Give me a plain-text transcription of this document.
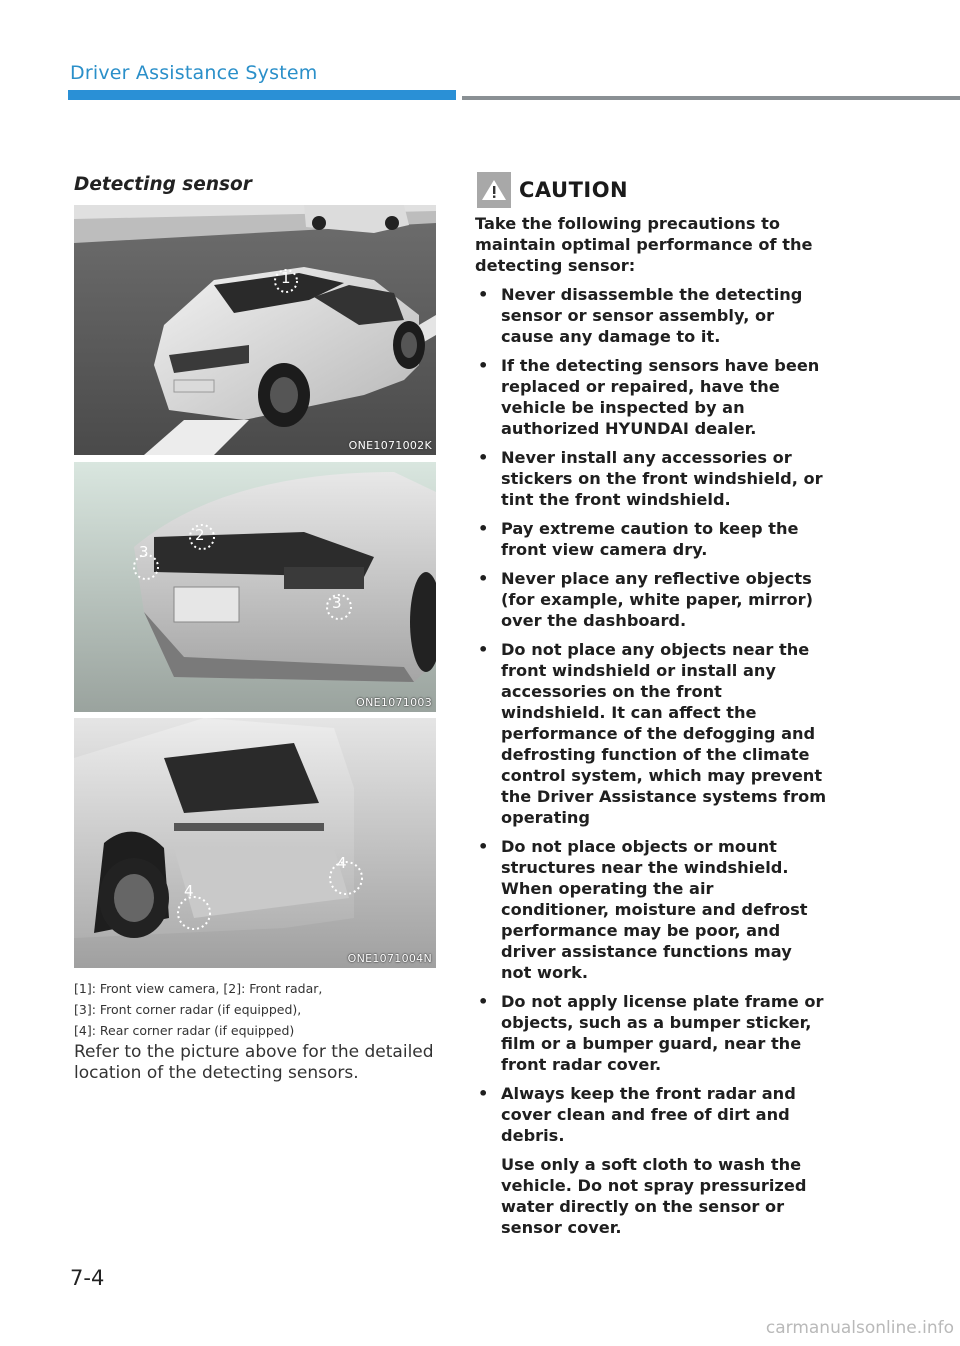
Driver Assistance System
Detecting sensor
1
ONE1071002K
2
3
3
ONE1071003
4
4
ONE1071004N
[1]: Front view camera, [2]: Front radar,
[3]: Front corner radar (if equipped),
[4]: Rear corner radar (if equipped)
Refer to the picture above for the detailed location of the detecting sensors.
CAUTION

Take the following precautions to maintain optimal performance of the detecting sensor:

• Never disassemble the detecting sensor or sensor assembly, or cause any damage to it.
• If the detecting sensors have been replaced or repaired, have the vehicle be inspected by an authorized HYUNDAI dealer.
• Never install any accessories or stickers on the front windshield, or tint the front windshield.
• Pay extreme caution to keep the front view camera dry.
• Never place any reflective objects (for example, white paper, mirror) over the dashboard.
• Do not place any objects near the front windshield or install any accessories on the front windshield. It can affect the performance of the defogging and defrosting function of the climate control system, which may prevent the Driver Assistance systems from operating
• Do not place objects or mount structures near the windshield. When operating the air conditioner, moisture and defrost performance may be poor, and driver assistance functions may not work.
• Do not apply license plate frame or objects, such as a bumper sticker, film or a bumper guard, near the front radar cover.
• Always keep the front radar and cover clean and free of dirt and debris.
Use only a soft cloth to wash the vehicle. Do not spray pressurized water directly on the sensor or sensor cover.
7-4
carmanualsonline.info
